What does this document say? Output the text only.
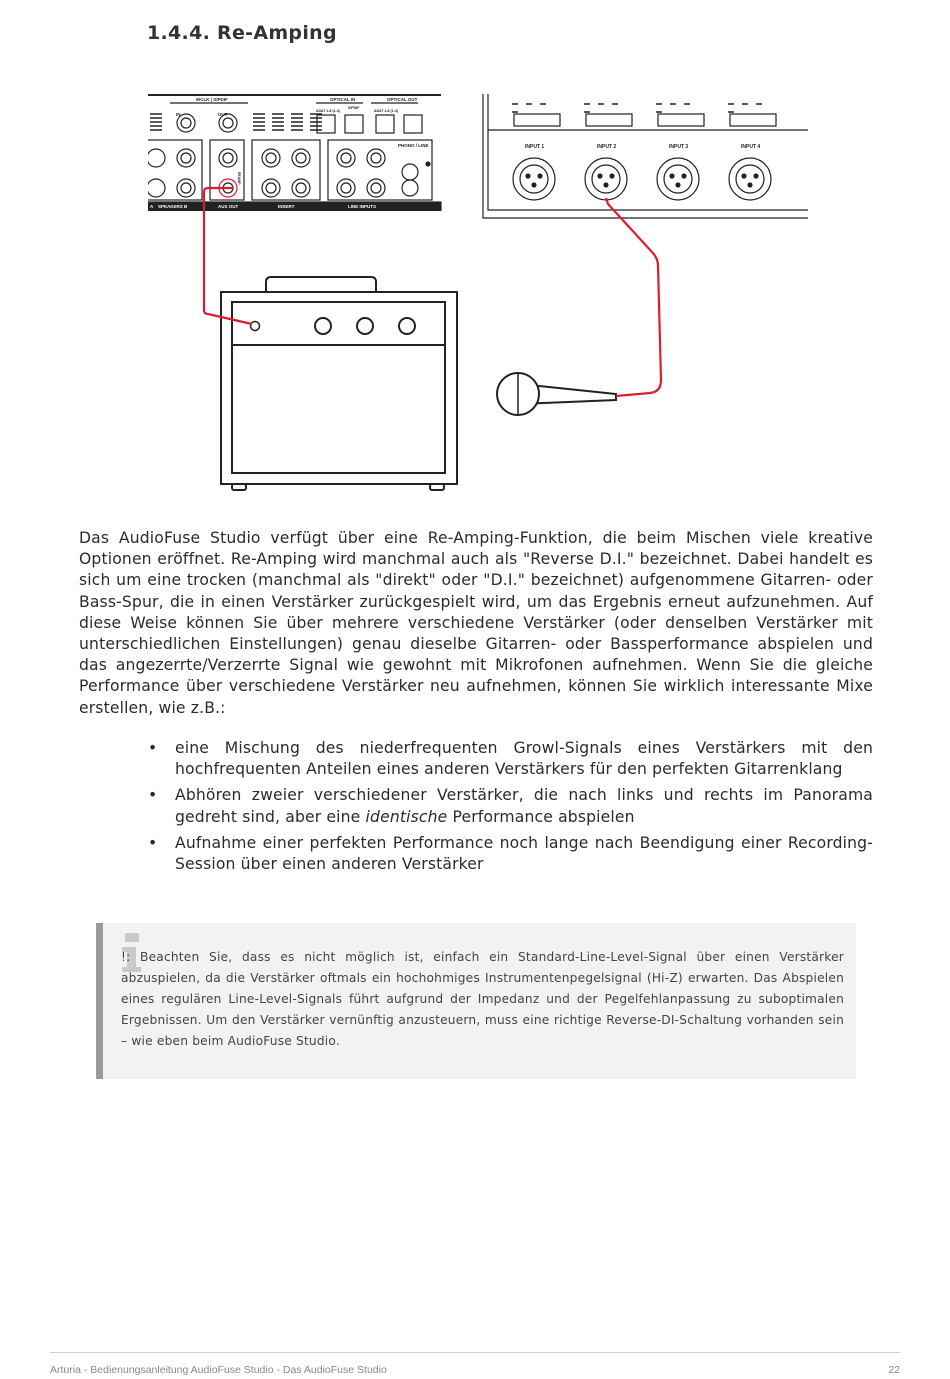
1.4.4. Re-Amping
WCLK | S/PDIF
IN	OUT
OPTICAL IN	OPTICAL OUT
ADAT 1-8 (1-4)
S/PDIF
ADAT 1-8 (1-4)
PHONO / LINE
REAMP
A SPEAKERS B	AUX OUT	INSERT	LINE INPUTS
INPUT 1	INPUT 2	INPUT 3	INPUT 4
Das AudioFuse Studio verfügt über eine Re-Amping-Funktion, die beim Mischen viele kreative Optionen eröffnet. Re-Amping wird manchmal auch als "Reverse D.I." bezeichnet. Dabei handelt es sich um eine trocken (manchmal als "direkt" oder "D.I." bezeichnet) aufgenommene Gitarren- oder Bass-Spur, die in einen Verstärker zurückgespielt wird, um das Ergebnis erneut aufzunehmen. Auf diese Weise können Sie über mehrere verschiedene Verstärker (oder denselben Verstärker mit unterschiedlichen Einstellungen) genau dieselbe Gitarren- oder Bassperformance abspielen und das angezerrte/Verzerrte Signal wie gewohnt mit Mikrofonen aufnehmen. Wenn Sie die gleiche Performance über verschiedene Verstärker neu aufnehmen, können Sie wirklich interessante Mixe erstellen, wie z.B.:
• eine Mischung des niederfrequenten Growl-Signals eines Verstärkers mit den hochfrequenten Anteilen eines anderen Verstärkers für den perfekten Gitarrenklang
• Abhören zweier verschiedener Verstärker, die nach links und rechts im Panorama gedreht sind, aber eine identische Performance abspielen
• Aufnahme einer perfekten Performance noch lange nach Beendigung einer Recording-Session über einen anderen Verstärker
!: Beachten Sie, dass es nicht möglich ist, einfach ein Standard-Line-Level-Signal über einen Verstärker abzuspielen, da die Verstärker oftmals ein hochohmiges Instrumentenpegelsignal (Hi-Z) erwarten. Das Abspielen eines regulären Line-Level-Signals führt aufgrund der Impedanz und der Pegelfehlanpassung zu suboptimalen Ergebnissen. Um den Verstärker vernünftig anzusteuern, muss eine richtige Reverse-DI-Schaltung vorhanden sein – wie eben beim AudioFuse Studio.
Arturia - Bedienungsanleitung AudioFuse Studio - Das AudioFuse Studio	22
